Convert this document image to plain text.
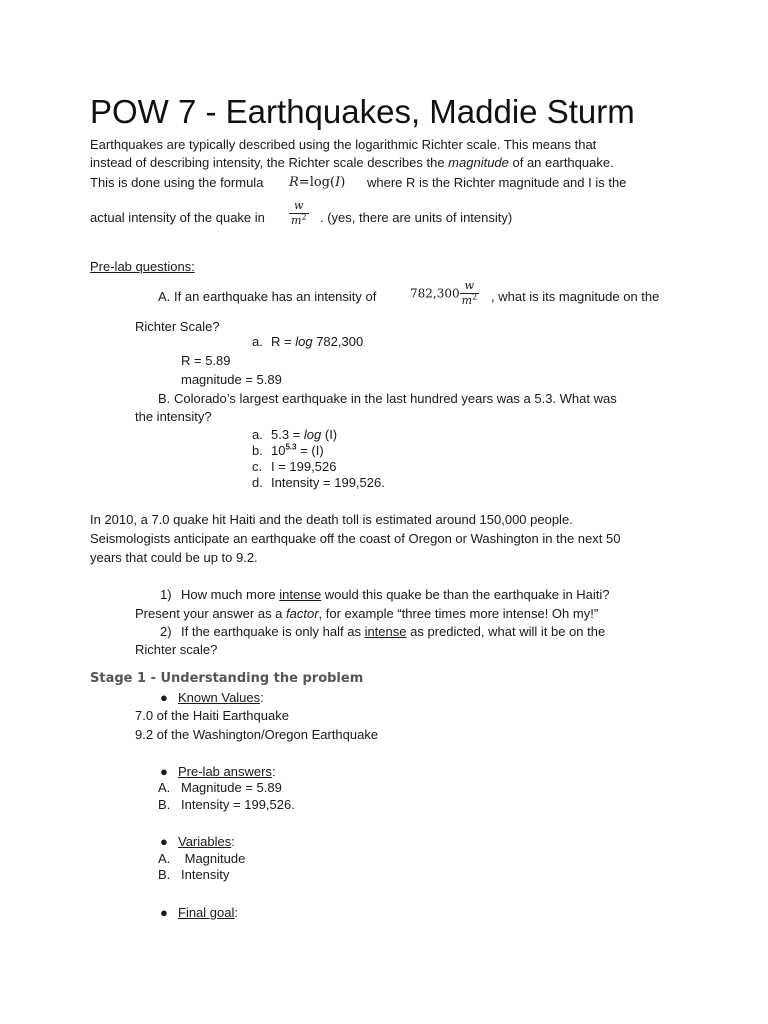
POW 7 - Earthquakes, Maddie Sturm
Earthquakes are typically described using the logarithmic Richter scale. This means that
instead of describing intensity, the Richter scale describes the magnitude of an earthquake.
This is done using the formula R=log(I) where R is the Richter magnitude and I is the
actual intensity of the quake in $\frac{w}{m^2}$ . (yes, there are units of intensity)
Pre-lab questions:
A. If an earthquake has an intensity of	$782,300 \frac{w}{m^2}$ , what is its magnitude on the
Richter Scale?
a. R = log 782,300
R = 5.89
magnitude = 5.89
B. Colorado’s largest earthquake in the last hundred years was a 5.3. What was
the intensity?
a. 5.3 = log (I)
b. $10^{5.3} = (I)$
c. I = 199,526
d. Intensity = 199,526.
In 2010, a 7.0 quake hit Haiti and the death toll is estimated around 150,000 people.
Seismologists anticipate an earthquake off the coast of Oregon or Washington in the next 50
years that could be up to 9.2.
1) How much more intense would this quake be than the earthquake in Haiti?
Present your answer as a factor, for example “three times more intense! Oh my!”
2) If the earthquake is only half as intense as predicted, what will it be on the
Richter scale?
Stage 1 - Understanding the problem
● Known Values:
7.0 of the Haiti Earthquake
9.2 of the Washington/Oregon Earthquake
● Pre-lab answers:
A. Magnitude = 5.89
B. Intensity = 199,526.
● Variables:
A. Magnitude
B. Intensity
● Final goal:
